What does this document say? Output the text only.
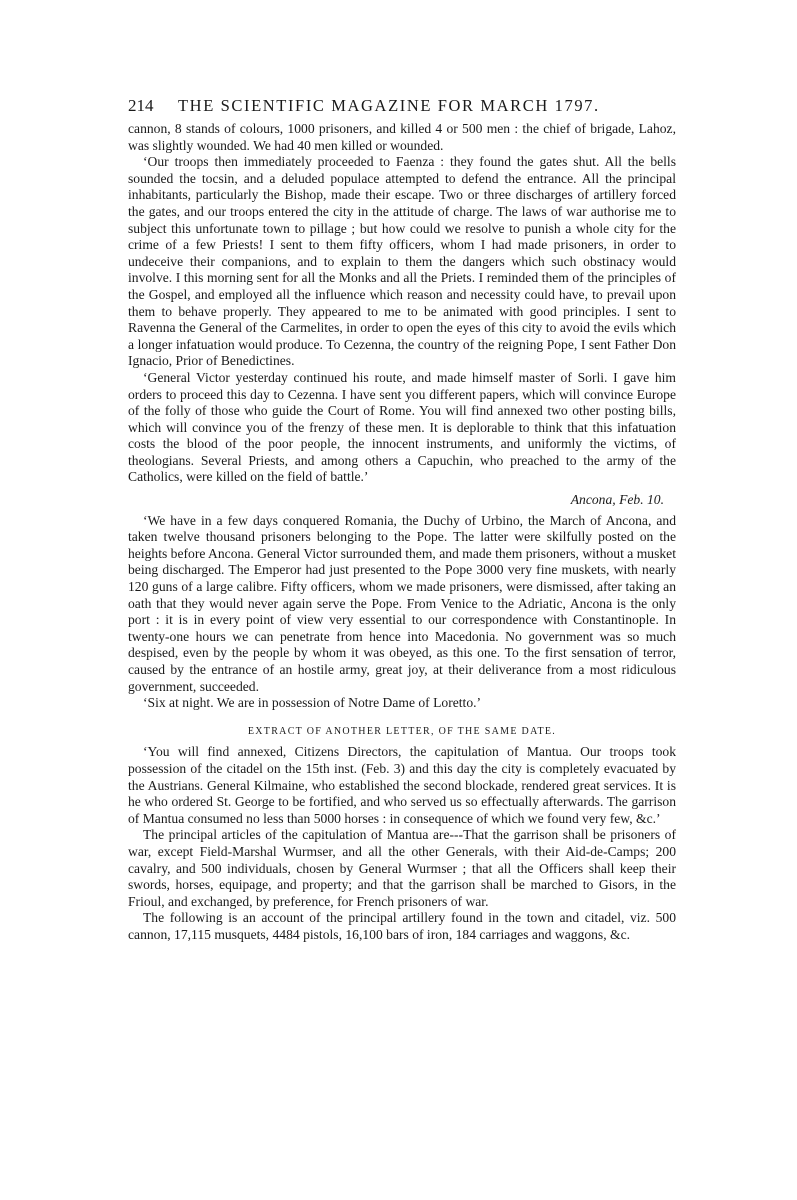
214	THE SCIENTIFIC MAGAZINE FOR MARCH 1797.

cannon, 8 stands of colours, 1000 prisoners, and killed 4 or 500 men : the chief of brigade, Lahoz, was slightly wounded. We had 40 men killed or wounded.

‘Our troops then immediately proceeded to Faenza : they found the gates shut. All the bells sounded the tocsin, and a deluded populace attempted to defend the entrance. All the principal inhabitants, particularly the Bishop, made their escape. Two or three discharges of artillery forced the gates, and our troops entered the city in the attitude of charge. The laws of war authorise me to subject this unfortunate town to pillage ; but how could we resolve to punish a whole city for the crime of a few Priests! I sent to them fifty officers, whom I had made prisoners, in order to undeceive their companions, and to explain to them the dangers which such obstinacy would involve. I this morning sent for all the Monks and all the Priets. I reminded them of the principles of the Gospel, and employed all the influence which reason and necessity could have, to prevail upon them to behave properly. They appeared to me to be animated with good principles. I sent to Ravenna the General of the Carmelites, in order to open the eyes of this city to avoid the evils which a longer infatuation would produce. To Cezenna, the country of the reigning Pope, I sent Father Don Ignacio, Prior of Benedictines.

‘General Victor yesterday continued his route, and made himself master of Sorli. I gave him orders to proceed this day to Cezenna. I have sent you different papers, which will convince Europe of the folly of those who guide the Court of Rome. You will find annexed two other posting bills, which will convince you of the frenzy of these men. It is deplorable to think that this infatuation costs the blood of the poor people, the innocent instruments, and uniformly the victims, of theologians. Several Priests, and among others a Capuchin, who preached to the army of the Catholics, were killed on the field of battle.’

Ancona, Feb. 10.

‘We have in a few days conquered Romania, the Duchy of Urbino, the March of Ancona, and taken twelve thousand prisoners belonging to the Pope. The latter were skilfully posted on the heights before Ancona. General Victor surrounded them, and made them prisoners, without a musket being discharged. The Emperor had just presented to the Pope 3000 very fine muskets, with nearly 120 guns of a large calibre. Fifty officers, whom we made prisoners, were dismissed, after taking an oath that they would never again serve the Pope. From Venice to the Adriatic, Ancona is the only port : it is in every point of view very essential to our correspondence with Constantinople. In twenty-one hours we can penetrate from hence into Macedonia. No government was so much despised, even by the people by whom it was obeyed, as this one. To the first sensation of terror, caused by the entrance of an hostile army, great joy, at their deliverance from a most ridiculous government, succeeded.

‘Six at night. We are in possession of Notre Dame of Loretto.’

EXTRACT OF ANOTHER LETTER, OF THE SAME DATE.

‘You will find annexed, Citizens Directors, the capitulation of Mantua. Our troops took possession of the citadel on the 15th inst. (Feb. 3) and this day the city is completely evacuated by the Austrians. General Kilmaine, who established the second blockade, rendered great services. It is he who ordered St. George to be fortified, and who served us so effectually afterwards. The garrison of Mantua consumed no less than 5000 horses : in consequence of which we found very few, &c.’

The principal articles of the capitulation of Mantua are---That the garrison shall be prisoners of war, except Field-Marshal Wurmser, and all the other Generals, with their Aid-de-Camps; 200 cavalry, and 500 individuals, chosen by General Wurmser ; that all the Officers shall keep their swords, horses, equipage, and property; and that the garrison shall be marched to Gisors, in the Frioul, and exchanged, by preference, for French prisoners of war.

The following is an account of the principal artillery found in the town and citadel, viz. 500 cannon, 17,115 musquets, 4484 pistols, 16,100 bars of iron, 184 carriages and waggons, &c.
